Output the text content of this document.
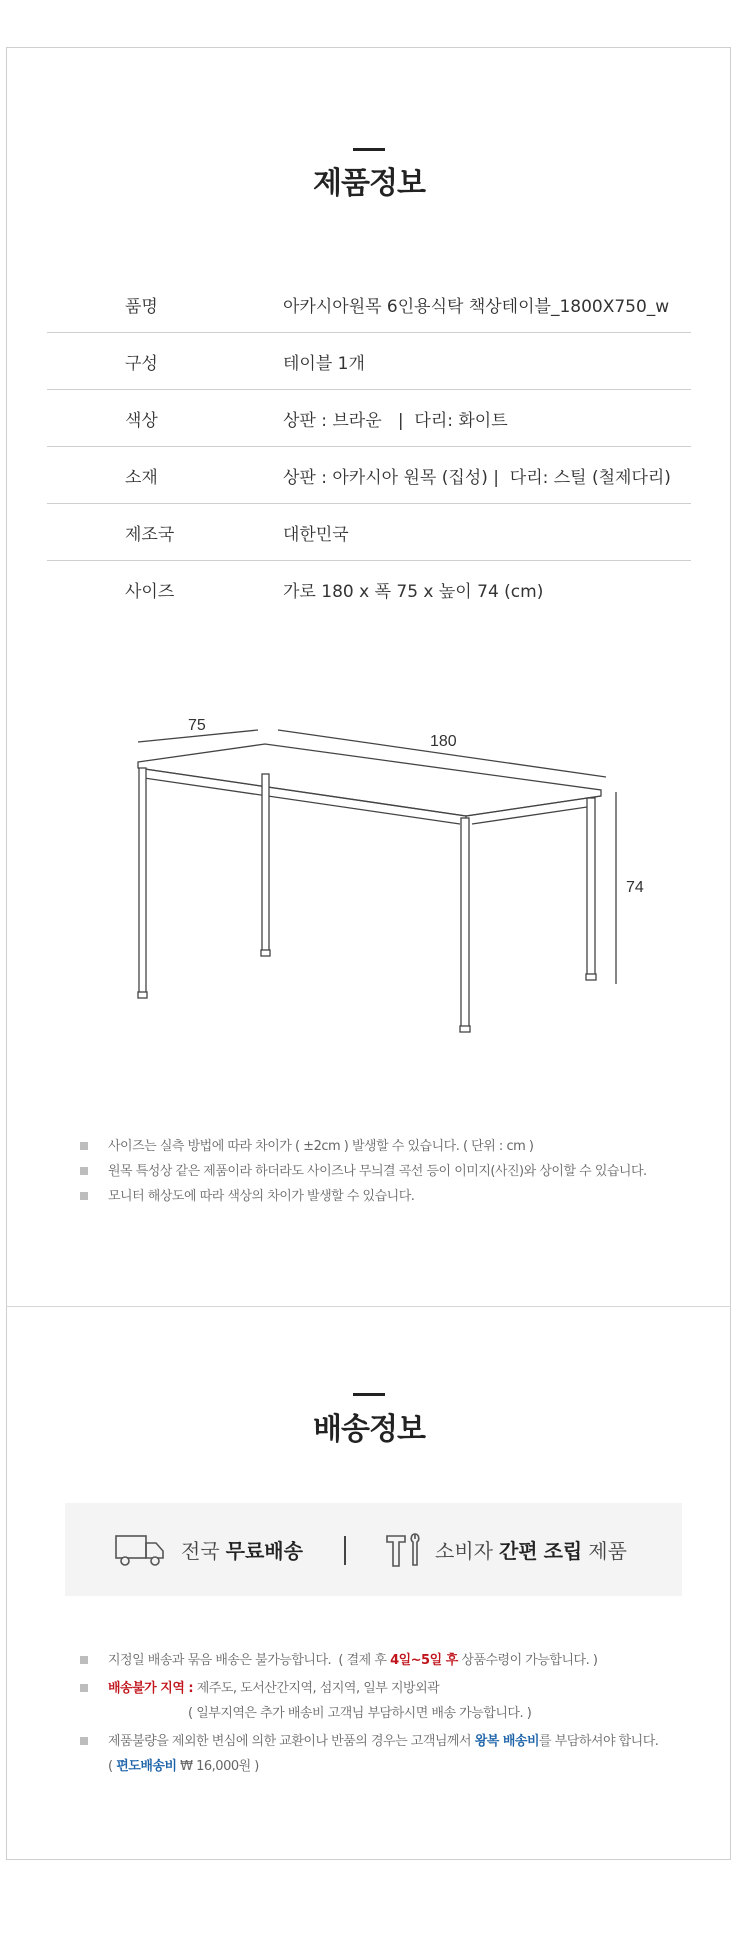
제품정보
품명	아카시아원목 6인용식탁 책상테이블_1800X750_w
구성	테이블 1개
색상	상판 : 브라운   |  다리: 화이트
소재	상판 : 아카시아 원목 (집성) |  다리: 스틸 (철제다리)
제조국	대한민국
사이즈	가로 180 x 폭 75 x 높이 74 (cm)
75
180
74
사이즈는 실측 방법에 따라 차이가 ( ±2cm ) 발생할 수 있습니다. ( 단위 : cm )
원목 특성상 같은 제품이라 하더라도 사이즈나 무늬결 곡선 등이 이미지(사진)와 상이할 수 있습니다.
모니터 해상도에 따라 색상의 차이가 발생할 수 있습니다.
배송정보
전국 무료배송	소비자 간편 조립 제품
지정일 배송과 묶음 배송은 불가능합니다.  ( 결제 후 4일~5일 후 상품수령이 가능합니다. )
배송불가 지역 : 제주도, 도서산간지역, 섬지역, 일부 지방외곽
( 일부지역은 추가 배송비 고객님 부담하시면 배송 가능합니다. )
제품불량을 제외한 변심에 의한 교환이나 반품의 경우는 고객님께서 왕복 배송비를 부담하셔야 합니다.
( 편도배송비 ₩ 16,000원 )
